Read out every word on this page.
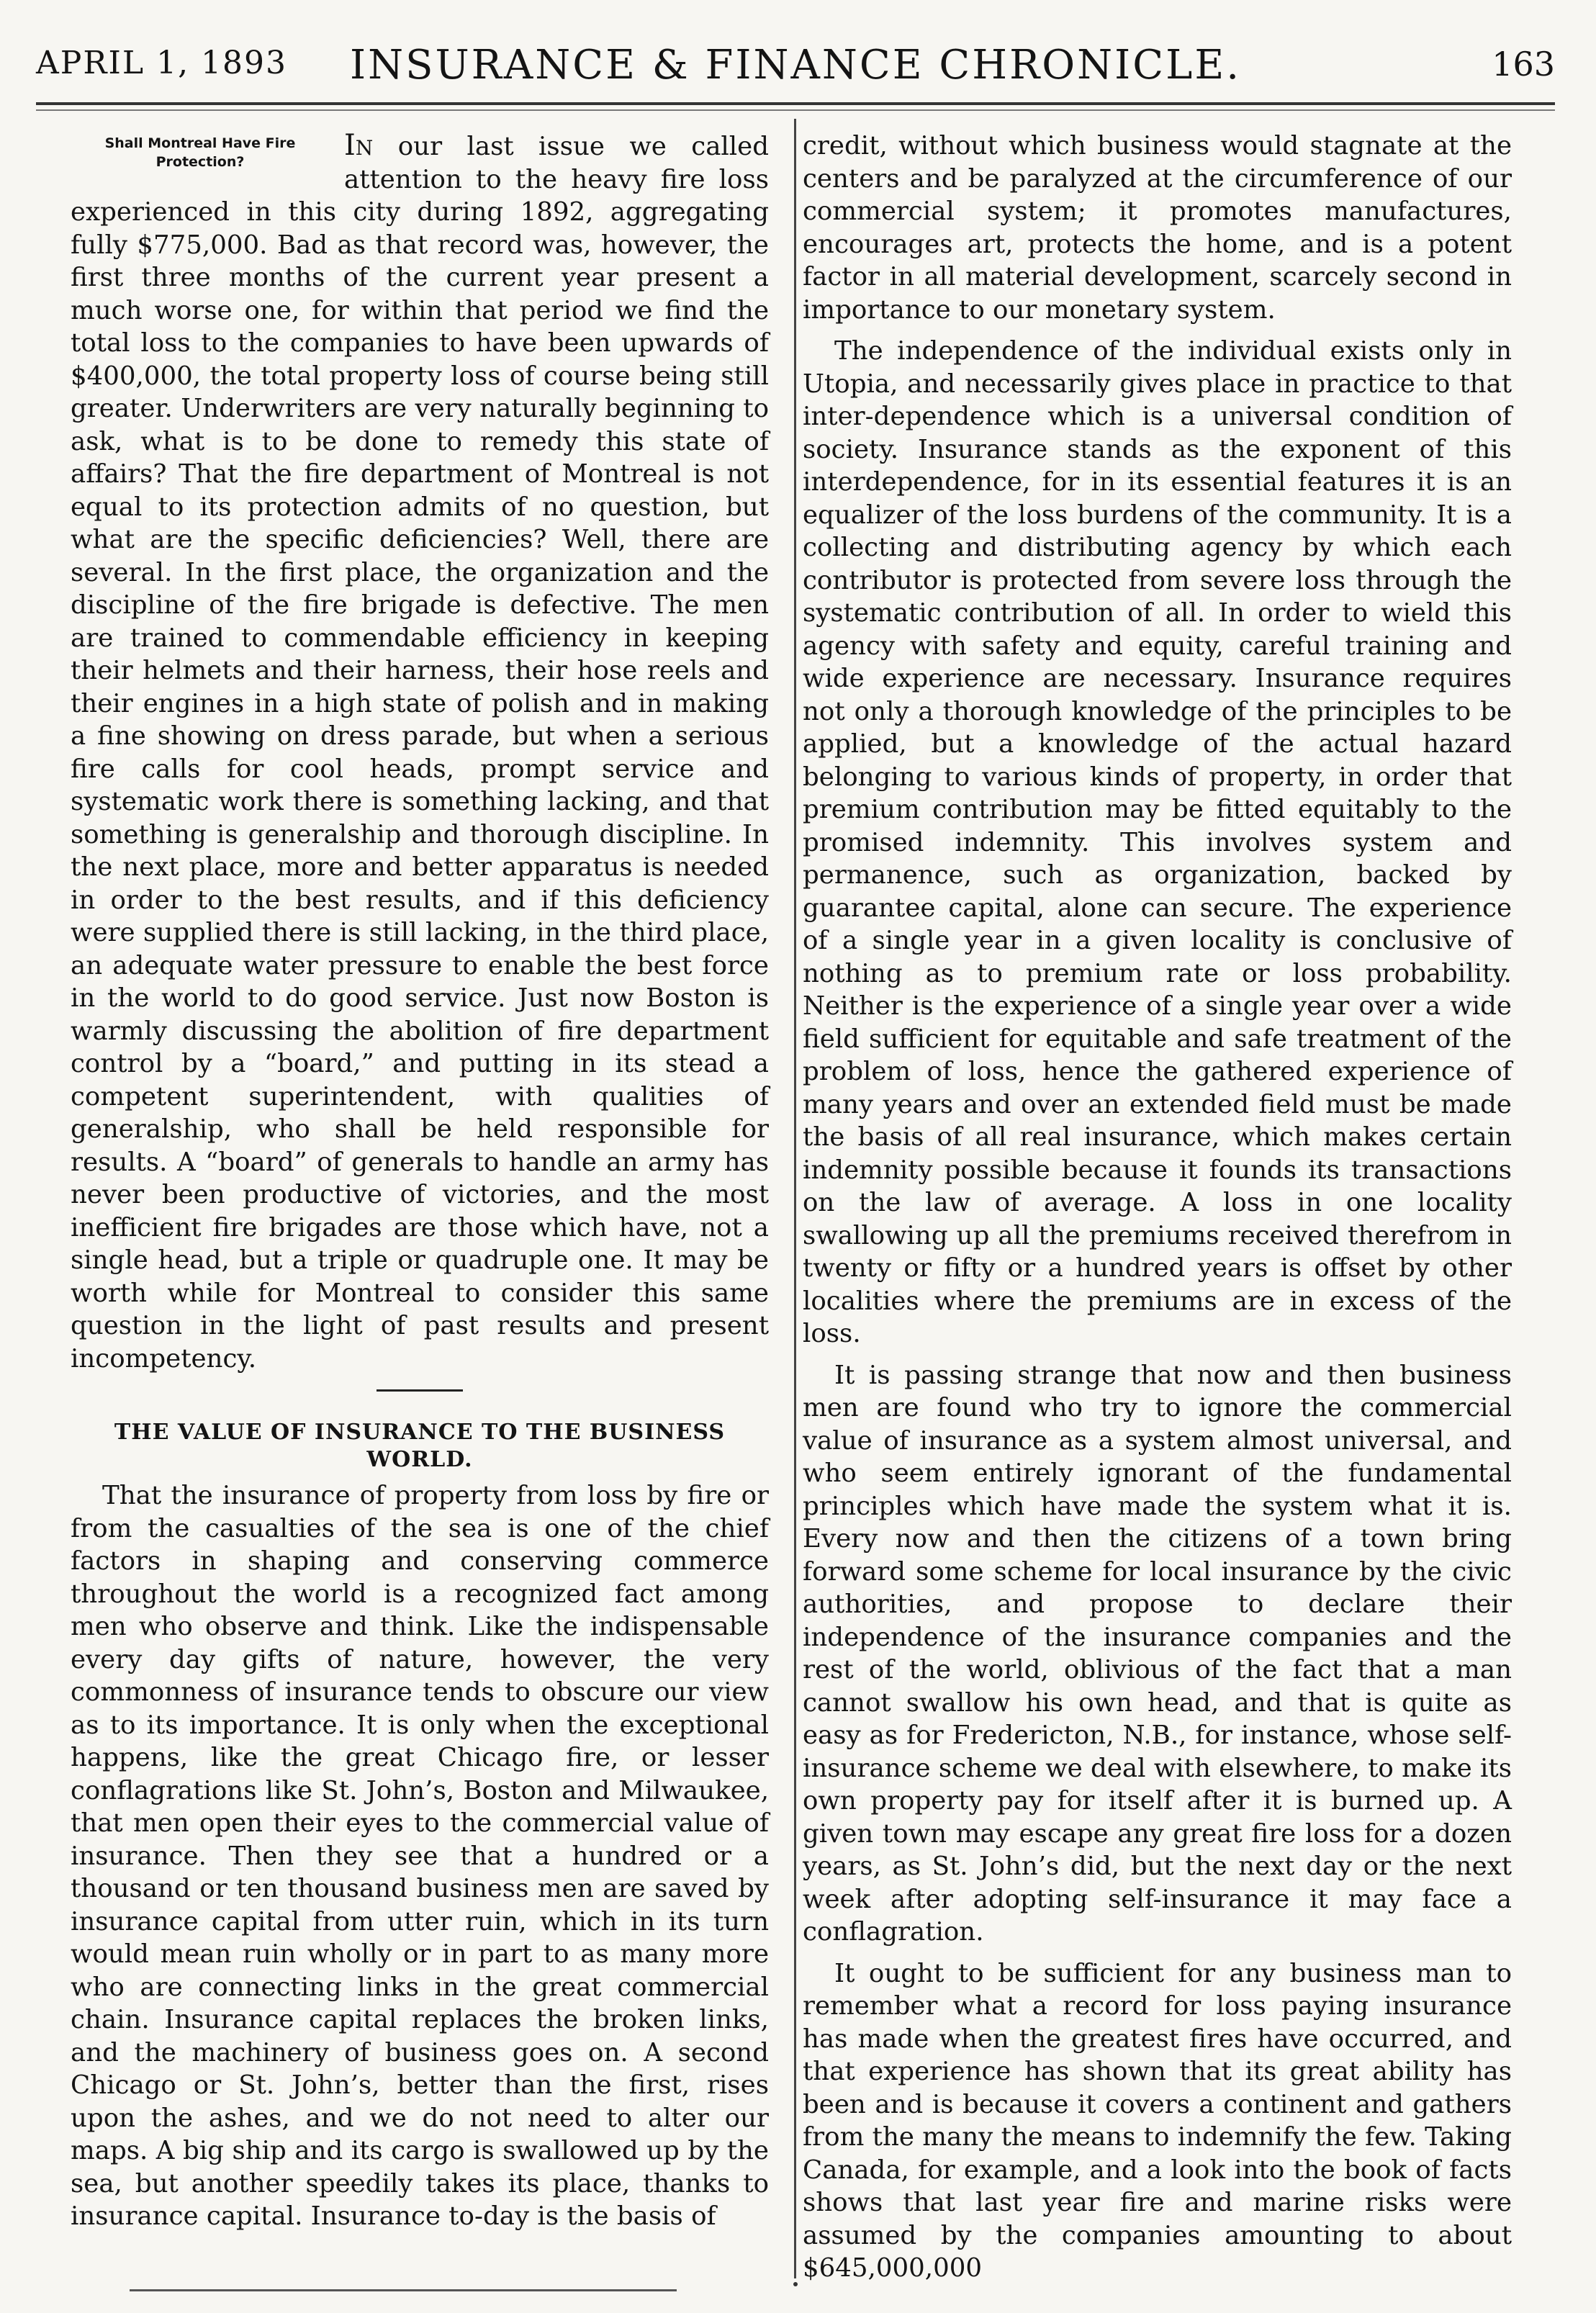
APRIL 1, 1893	INSURANCE & FINANCE CHRONICLE.	163
Shall Montreal Have Fire Protection?	In our last issue we called attention to the heavy fire loss experienced in this city during 1892, aggregating fully $775,000. Bad as that record was, however, the first three months of the current year present a much worse one, for within that period we find the total loss to the companies to have been upwards of $400,000, the total property loss of course being still greater. Underwriters are very naturally beginning to ask, what is to be done to remedy this state of affairs? That the fire department of Montreal is not equal to its protection admits of no question, but what are the specific deficiencies? Well, there are several. In the first place, the organization and the discipline of the fire brigade is defective. The men are trained to commendable efficiency in keeping their helmets and their harness, their hose reels and their engines in a high state of polish and in making a fine showing on dress parade, but when a serious fire calls for cool heads, prompt service and systematic work there is something lacking, and that something is generalship and thorough discipline. In the next place, more and better apparatus is needed in order to the best results, and if this deficiency were supplied there is still lacking, in the third place, an adequate water pressure to enable the best force in the world to do good service. Just now Boston is warmly discussing the abolition of fire department control by a “board,” and putting in its stead a competent superintendent, with qualities of generalship, who shall be held responsible for results. A “board” of generals to handle an army has never been productive of victories, and the most inefficient fire brigades are those which have, not a single head, but a triple or quadruple one. It may be worth while for Montreal to consider this same question in the light of past results and present incompetency.

THE VALUE OF INSURANCE TO THE BUSINESS WORLD.

That the insurance of property from loss by fire or from the casualties of the sea is one of the chief factors in shaping and conserving commerce throughout the world is a recognized fact among men who observe and think. Like the indispensable every day gifts of nature, however, the very commonness of insurance tends to obscure our view as to its importance. It is only when the exceptional happens, like the great Chicago fire, or lesser conflagrations like St. John’s, Boston and Milwaukee, that men open their eyes to the commercial value of insurance. Then they see that a hundred or a thousand or ten thousand business men are saved by insurance capital from utter ruin, which in its turn would mean ruin wholly or in part to as many more who are connecting links in the great commercial chain. Insurance capital replaces the broken links, and the machinery of business goes on. A second Chicago or St. John’s, better than the first, rises upon the ashes, and we do not need to alter our maps. A big ship and its cargo is swallowed up by the sea, but another speedily takes its place, thanks to insurance capital. Insurance to-day is the basis of

credit, without which business would stagnate at the centers and be paralyzed at the circumference of our commercial system; it promotes manufactures, encourages art, protects the home, and is a potent factor in all material development, scarcely second in importance to our monetary system.

The independence of the individual exists only in Utopia, and necessarily gives place in practice to that inter-dependence which is a universal condition of society. Insurance stands as the exponent of this interdependence, for in its essential features it is an equalizer of the loss burdens of the community. It is a collecting and distributing agency by which each contributor is protected from severe loss through the systematic contribution of all. In order to wield this agency with safety and equity, careful training and wide experience are necessary. Insurance requires not only a thorough knowledge of the principles to be applied, but a knowledge of the actual hazard belonging to various kinds of property, in order that premium contribution may be fitted equitably to the promised indemnity. This involves system and permanence, such as organization, backed by guarantee capital, alone can secure. The experience of a single year in a given locality is conclusive of nothing as to premium rate or loss probability. Neither is the experience of a single year over a wide field sufficient for equitable and safe treatment of the problem of loss, hence the gathered experience of many years and over an extended field must be made the basis of all real insurance, which makes certain indemnity possible because it founds its transactions on the law of average. A loss in one locality swallowing up all the premiums received therefrom in twenty or fifty or a hundred years is offset by other localities where the premiums are in excess of the loss.

It is passing strange that now and then business men are found who try to ignore the commercial value of insurance as a system almost universal, and who seem entirely ignorant of the fundamental principles which have made the system what it is. Every now and then the citizens of a town bring forward some scheme for local insurance by the civic authorities, and propose to declare their independence of the insurance companies and the rest of the world, oblivious of the fact that a man cannot swallow his own head, and that is quite as easy as for Fredericton, N.B., for instance, whose self-insurance scheme we deal with elsewhere, to make its own property pay for itself after it is burned up. A given town may escape any great fire loss for a dozen years, as St. John’s did, but the next day or the next week after adopting self-insurance it may face a conflagration.

It ought to be sufficient for any business man to remember what a record for loss paying insurance has made when the greatest fires have occurred, and that experience has shown that its great ability has been and is because it covers a continent and gathers from the many the means to indemnify the few. Taking Canada, for example, and a look into the book of facts shows that last year fire and marine risks were assumed by the companies amounting to about $645,000,000
